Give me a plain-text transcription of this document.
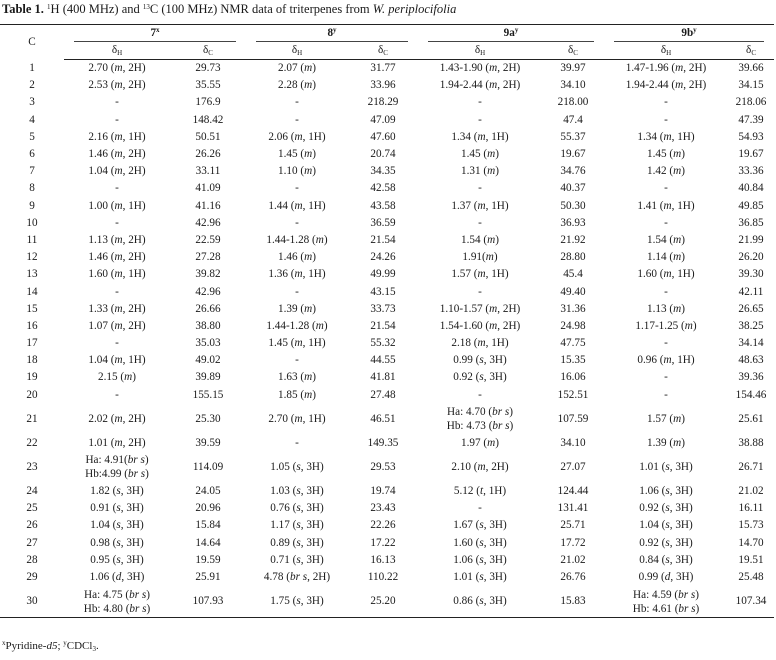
Table 1. $^1$H (400 MHz) and $^{13}$C (100 MHz) NMR data of triterpenes from W. periplocifolia
C	7$^x$		8$^y$		$9a^y$		$9b^y$

	$\delta_H$	$\delta_C$	$\delta_H$	$\delta_C$	$\delta_H$	$\delta_C$	$\delta_H$	$\delta_C$
1	2.70 (m, 2H)	29.73	2.07 (m)	31.77	1.43-1.90 (m, 2H)	39.97	1.47-1.96 (m, 2H)	39.66
2	2.53 (m, 2H)	35.55	2.28 (m)	33.96	1.94-2.44 (m, 2H)	34.10	1.94-2.44 (m, 2H)	34.15
3	-	176.9	-	218.29	-	218.00	-	218.06
4	-	148.42	-	47.09	-	47.4	-	47.39
5	2.16 (m, 1H)	50.51	2.06 (m, 1H)	47.60	1.34 (m, 1H)	55.37	1.34 (m, 1H)	54.93
6	1.46 (m, 2H)	26.26	1.45 (m)	20.74	1.45 (m)	19.67	1.45 (m)	19.67
7	1.04 (m, 2H)	33.11	1.10 (m)	34.35	1.31 (m)	34.76	1.42 (m)	33.36
8	-	41.09	-	42.58	-	40.37	-	40.84
9	1.00 (m, 1H)	41.16	1.44 (m, 1H)	43.58	1.37 (m, 1H)	50.30	1.41 (m, 1H)	49.85
10	-	42.96	-	36.59	-	36.93	-	36.85
11	1.13 (m, 2H)	22.59	1.44-1.28 (m)	21.54	1.54 (m)	21.92	1.54 (m)	21.99
12	1.46 (m, 2H)	27.28	1.46 (m)	24.26	1.91(m)	28.80	1.14 (m)	26.20
13	1.60 (m, 1H)	39.82	1.36 (m, 1H)	49.99	1.57 (m, 1H)	45.4	1.60 (m, 1H)	39.30
14	-	42.96	-	43.15	-	49.40	-	42.11
15	1.33 (m, 2H)	26.66	1.39 (m)	33.73	1.10-1.57 (m, 2H)	31.36	1.13 (m)	26.65
16	1.07 (m, 2H)	38.80	1.44-1.28 (m)	21.54	1.54-1.60 (m, 2H)	24.98	1.17-1.25 (m)	38.25
17	-	35.03	1.45 (m, 1H)	55.32	2.18 (m, 1H)	47.75	-	34.14
18	1.04 (m, 1H)	49.02	-	44.55	0.99 (s, 3H)	15.35	0.96 (m, 1H)	48.63
19	2.15 (m)	39.89	1.63 (m)	41.81	0.92 (s, 3H)	16.06	-	39.36
20	-	155.15	1.85 (m)	27.48	-	152.51	-	154.46
21	2.02 (m, 2H)	25.30	2.70 (m, 1H)	46.51	Ha: 4.70 (br s)
Hb: 4.73 (br s)	107.59	1.57 (m)	25.61
22	1.01 (m, 2H)	39.59	-	149.35	1.97 (m)	34.10	1.39 (m)	38.88
23	Ha: 4.91(br s)
Hb:4.99 (br s)	114.09	1.05 (s, 3H)	29.53	2.10 (m, 2H)	27.07	1.01 (s, 3H)	26.71
24	1.82 (s, 3H)	24.05	1.03 (s, 3H)	19.74	5.12 (t, 1H)	124.44	1.06 (s, 3H)	21.02
25	0.91 (s, 3H)	20.96	0.76 (s, 3H)	23.43	-	131.41	0.92 (s, 3H)	16.11
26	1.04 (s, 3H)	15.84	1.17 (s, 3H)	22.26	1.67 (s, 3H)	25.71	1.04 (s, 3H)	15.73
27	0.98 (s, 3H)	14.64	0.89 (s, 3H)	17.22	1.60 (s, 3H)	17.72	0.92 (s, 3H)	14.70
28	0.95 (s, 3H)	19.59	0.71 (s, 3H)	16.13	1.06 (s, 3H)	21.02	0.84 (s, 3H)	19.51
29	1.06 (d, 3H)	25.91	4.78 (br s, 2H)	110.22	1.01 (s, 3H)	26.76	0.99 (d, 3H)	25.48
30	Ha: 4.75 (br s)
Hb: 4.80 (br s)	107.93	1.75 (s, 3H)	25.20	0.86 (s, 3H)	15.83	Ha: 4.59 (br s)
Hb: 4.61 (br s)	107.34
$^x$Pyridine-d5; $^y$CDCl$_3$.
